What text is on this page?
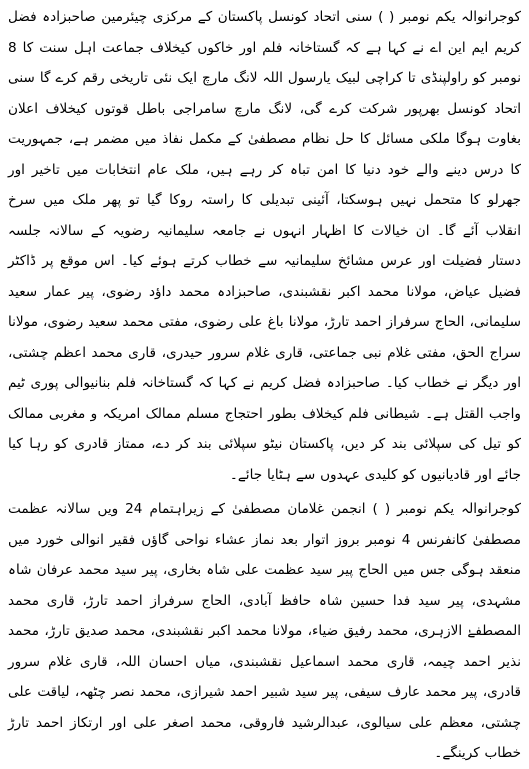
کوجرانوالہ یکم نومبر ( ) سنی اتحاد کونسل پاکستان کے مرکزی چیئرمین صاحبزادہ فضل کریم ایم این اے نے کہا ہے کہ گستاخانہ فلم اور خاکوں کیخلاف جماعت اہل سنت کا 8 نومبر کو راولپنڈی تا کراچی لبیک یارسول اللہ لانگ مارچ ایک نئی تاریخی رقم کرے گا سنی اتحاد کونسل بھرپور شرکت کرے گی، لانگ مارچ سامراجی باطل قوتوں کیخلاف اعلان بغاوت ہوگا ملکی مسائل کا حل نظام مصطفیٰ کے مکمل نفاذ میں مضمر ہے، جمہوریت کا درس دینے والے خود دنیا کا امن تباہ کر رہے ہیں، ملک عام انتخابات میں تاخیر اور جھرلو کا متحمل نہیں ہوسکتا، آئینی تبدیلی کا راستہ روکا گیا تو پھر ملک میں سرخ انقلاب آئے گا۔ ان خیالات کا اظہار انہوں نے جامعہ سلیمانیہ رضویہ کے سالانہ جلسہ دستار فضیلت اور عرس مشائخ سلیمانیہ سے خطاب کرتے ہوئے کیا۔ اس موقع پر ڈاکٹر فضیل عیاض، مولانا محمد اکبر نقشبندی، صاحبزادہ محمد داؤد رضوی، پیر عمار سعید سلیمانی، الحاج سرفراز احمد تارڑ، مولانا باغ علی رضوی، مفتی محمد سعید رضوی، مولانا سراج الحق، مفتی غلام نبی جماعتی، قاری غلام سرور حیدری، قاری محمد اعظم چشتی، اور دیگر نے خطاب کیا۔ صاحبزادہ فضل کریم نے کہا کہ گستاخانہ فلم بنانیوالی پوری ٹیم واجب القتل ہے۔ شیطانی فلم کیخلاف بطور احتجاج مسلم ممالک امریکہ و مغربی ممالک کو تیل کی سپلائی بند کر دیں، پاکستان نیٹو سپلائی بند کر دے، ممتاز قادری کو رہا کیا جائے اور قادیانیوں کو کلیدی عہدوں سے ہٹایا جائے۔

کوجرانوالہ یکم نومبر ( ) انجمن غلامان مصطفیٰ کے زیراہتمام 24 ویں سالانہ عظمت مصطفیٰ کانفرنس 4 نومبر بروز اتوار بعد نماز عشاء نواحی گاؤں فقیر انوالی خورد میں منعقد ہوگی جس میں الحاج پیر سید عظمت علی شاہ بخاری، پیر سید محمد عرفان شاہ مشہدی، پیر سید فدا حسین شاہ حافظ آبادی، الحاج سرفراز احمد تارڑ، قاری محمد المصطفےٰ الازہری، محمد رفیق ضیاء، مولانا محمد اکبر نقشبندی، محمد صدیق تارڑ، محمد نذیر احمد چیمہ، قاری محمد اسماعیل نقشبندی، میاں احسان اللہ، قاری غلام سرور قادری، پیر محمد عارف سیفی، پیر سید شبیر احمد شیرازی، محمد نصر چٹھہ، لیاقت علی چشتی، معظم علی سیالوی، عبدالرشید فاروقی، محمد اصغر علی اور ارتکاز احمد تارڑ خطاب کرینگے۔
